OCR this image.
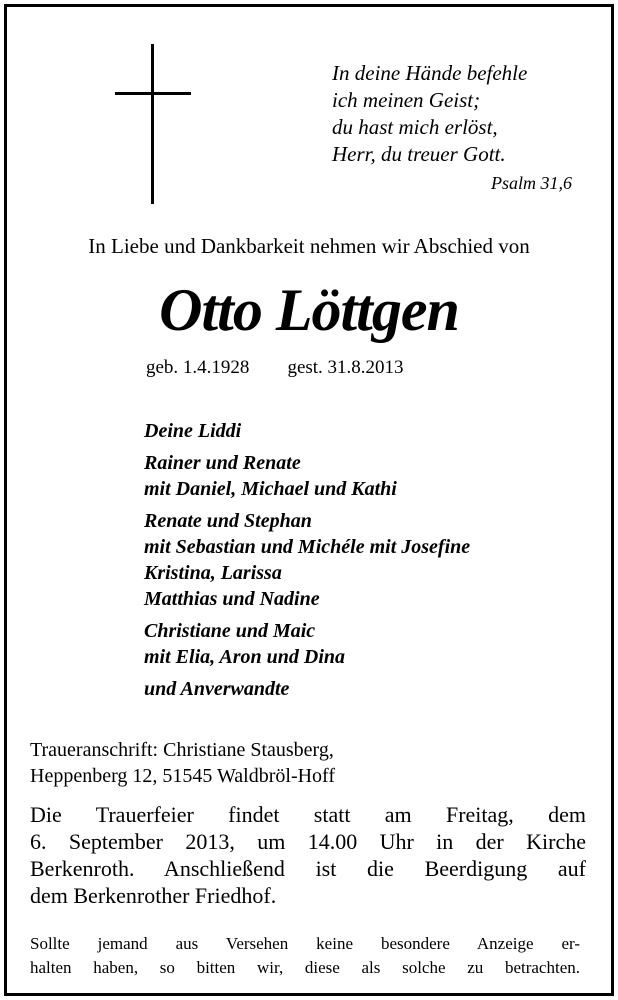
In deine Hände befehle
ich meinen Geist;
du hast mich erlöst,
Herr, du treuer Gott.
Psalm 31,6
In Liebe und Dankbarkeit nehmen wir Abschied von
Otto Löttgen
geb. 1.4.1928 gest. 31.8.2013
Deine Liddi
Rainer und Renate
mit Daniel, Michael und Kathi
Renate und Stephan
mit Sebastian und Michéle mit Josefine
Kristina, Larissa
Matthias und Nadine
Christiane und Maic
mit Elia, Aron und Dina
und Anverwandte
Traueranschrift: Christiane Stausberg,
Heppenberg 12, 51545 Waldbröl-Hoff
Die Trauerfeier findet statt am Freitag, dem
6. September 2013, um 14.00 Uhr in der Kirche
Berkenroth. Anschließend ist die Beerdigung auf
dem Berkenrother Friedhof.
Sollte jemand aus Versehen keine besondere Anzeige er-
halten haben, so bitten wir, diese als solche zu betrachten.
